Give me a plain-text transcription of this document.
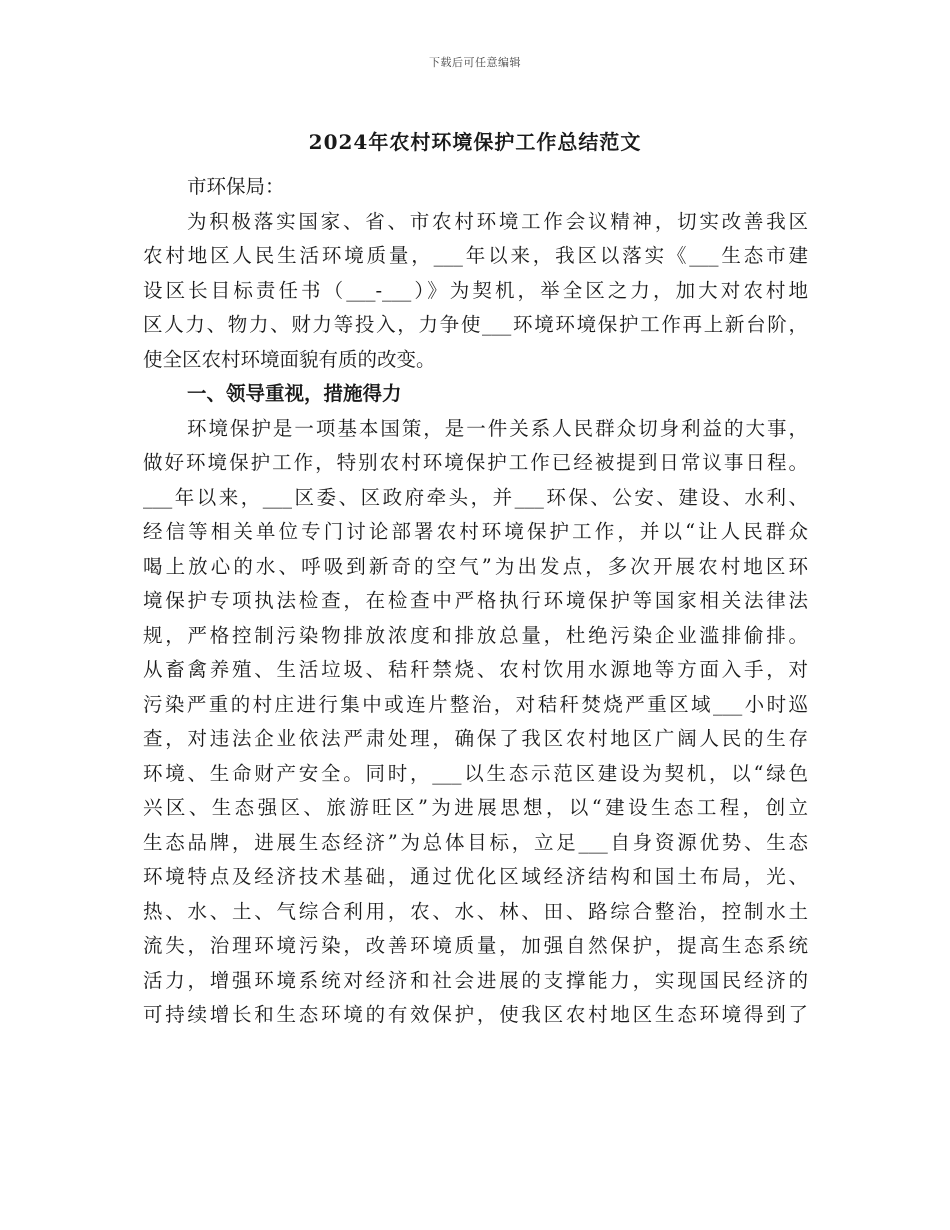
下载后可任意编辑
2024年农村环境保护工作总结范文
市环保局：
为积极落实国家、省、市农村环境工作会议精神，切实改善我区
农村地区人民生活环境质量，___年以来，我区以落实《___生态市建
设区长目标责任书（___-___）》为契机，举全区之力，加大对农村地
区人力、物力、财力等投入，力争使___环境环境保护工作再上新台阶，
使全区农村环境面貌有质的改变。
一、领导重视，措施得力
环境保护是一项基本国策，是一件关系人民群众切身利益的大事，
做好环境保护工作，特别农村环境保护工作已经被提到日常议事日程。
___年以来，___区委、区政府牵头，并___环保、公安、建设、水利、
经信等相关单位专门讨论部署农村环境保护工作，并以“让人民群众
喝上放心的水、呼吸到新奇的空气”为出发点，多次开展农村地区环
境保护专项执法检查，在检查中严格执行环境保护等国家相关法律法
规，严格控制污染物排放浓度和排放总量，杜绝污染企业滥排偷排。
从畜禽养殖、生活垃圾、秸秆禁烧、农村饮用水源地等方面入手，对
污染严重的村庄进行集中或连片整治，对秸秆焚烧严重区域___小时巡
查，对违法企业依法严肃处理，确保了我区农村地区广阔人民的生存
环境、生命财产安全。同时，___以生态示范区建设为契机，以“绿色
兴区、生态强区、旅游旺区”为进展思想，以“建设生态工程，创立
生态品牌，进展生态经济”为总体目标，立足___自身资源优势、生态
环境特点及经济技术基础，通过优化区域经济结构和国土布局，光、
热、水、土、气综合利用，农、水、林、田、路综合整治，控制水土
流失，治理环境污染，改善环境质量，加强自然保护，提高生态系统
活力，增强环境系统对经济和社会进展的支撑能力，实现国民经济的
可持续增长和生态环境的有效保护，使我区农村地区生态环境得到了
